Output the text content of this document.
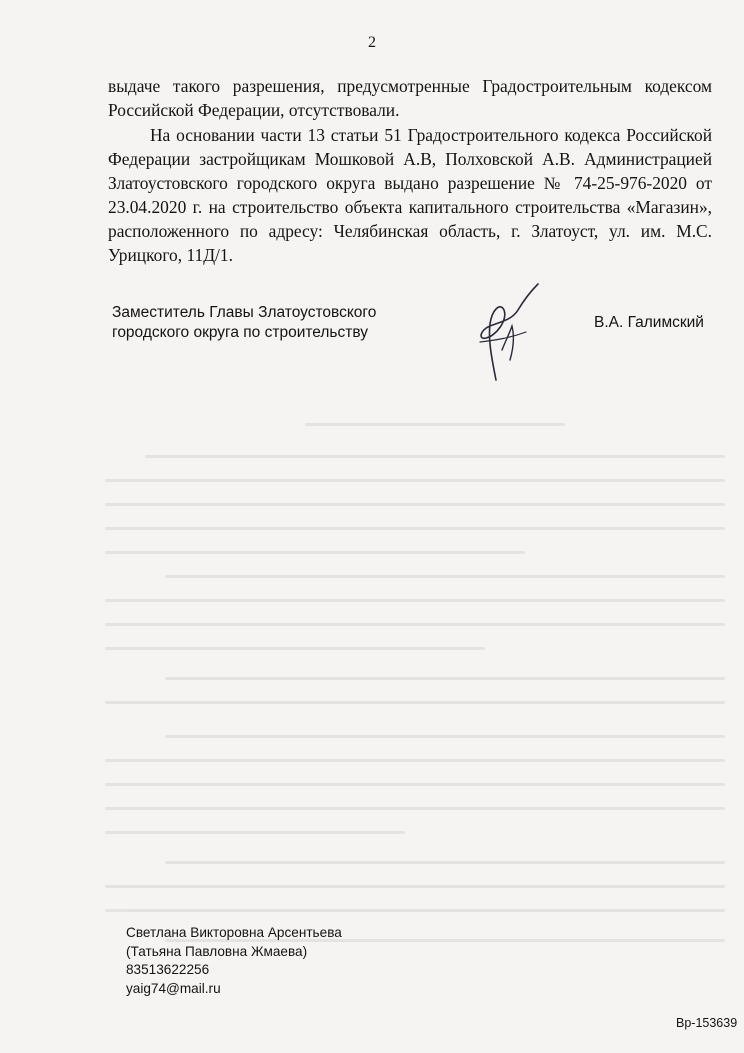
2
выдаче такого разрешения, предусмотренные Градостроительным кодексом
Российской Федерации, отсутствовали.
На основании части 13 статьи 51 Градостроительного кодекса Российской
Федерации застройщикам Мошковой А.В, Полховской А.В. Администрацией
Златоустовского городского округа выдано разрешение № 74-25-976-2020 от
23.04.2020 г. на строительство объекта капитального строительства «Магазин»,
расположенного по адресу: Челябинская область, г. Златоуст, ул. им. М.С.
Урицкого, 11Д/1.
Заместитель Главы Златоустовского
городского округа по строительству
В.А. Галимский
Светлана Викторовна Арсентьева
(Татьяна Павловна Жмаева)
83513622256
yaig74@mail.ru
Вр-153639
